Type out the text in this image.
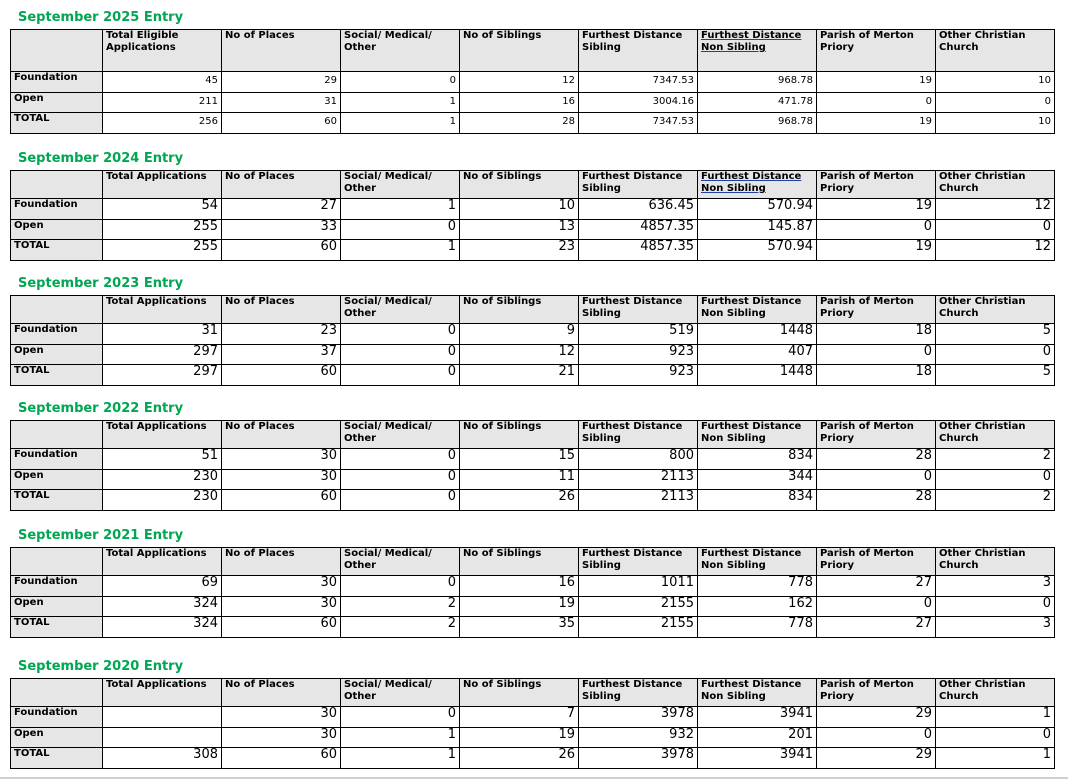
September 2025 Entry
	Total Eligible Applications	No of Places	Social/ Medical/ Other	No of Siblings	Furthest Distance Sibling	Furthest Distance Non Sibling	Parish of Merton Priory	Other Christian Church
Foundation	45	29	0	12	7347.53	968.78	19	10
Open	211	31	1	16	3004.16	471.78	0	0
TOTAL	256	60	1	28	7347.53	968.78	19	10
September 2024 Entry
	Total Applications	No of Places	Social/ Medical/ Other	No of Siblings	Furthest Distance Sibling	Furthest Distance Non Sibling	Parish of Merton Priory	Other Christian Church
Foundation	54	27	1	10	636.45	570.94	19	12
Open	255	33	0	13	4857.35	145.87	0	0
TOTAL	255	60	1	23	4857.35	570.94	19	12
September 2023 Entry
	Total Applications	No of Places	Social/ Medical/ Other	No of Siblings	Furthest Distance Sibling	Furthest Distance Non Sibling	Parish of Merton Priory	Other Christian Church
Foundation	31	23	0	9	519	1448	18	5
Open	297	37	0	12	923	407	0	0
TOTAL	297	60	0	21	923	1448	18	5
September 2022 Entry
	Total Applications	No of Places	Social/ Medical/ Other	No of Siblings	Furthest Distance Sibling	Furthest Distance Non Sibling	Parish of Merton Priory	Other Christian Church
Foundation	51	30	0	15	800	834	28	2
Open	230	30	0	11	2113	344	0	0
TOTAL	230	60	0	26	2113	834	28	2
September 2021 Entry
	Total Applications	No of Places	Social/ Medical/ Other	No of Siblings	Furthest Distance Sibling	Furthest Distance Non Sibling	Parish of Merton Priory	Other Christian Church
Foundation	69	30	0	16	1011	778	27	3
Open	324	30	2	19	2155	162	0	0
TOTAL	324	60	2	35	2155	778	27	3
September 2020 Entry
	Total Applications	No of Places	Social/ Medical/ Other	No of Siblings	Furthest Distance Sibling	Furthest Distance Non Sibling	Parish of Merton Priory	Other Christian Church
Foundation		30	0	7	3978	3941	29	1
Open		30	1	19	932	201	0	0
TOTAL	308	60	1	26	3978	3941	29	1
